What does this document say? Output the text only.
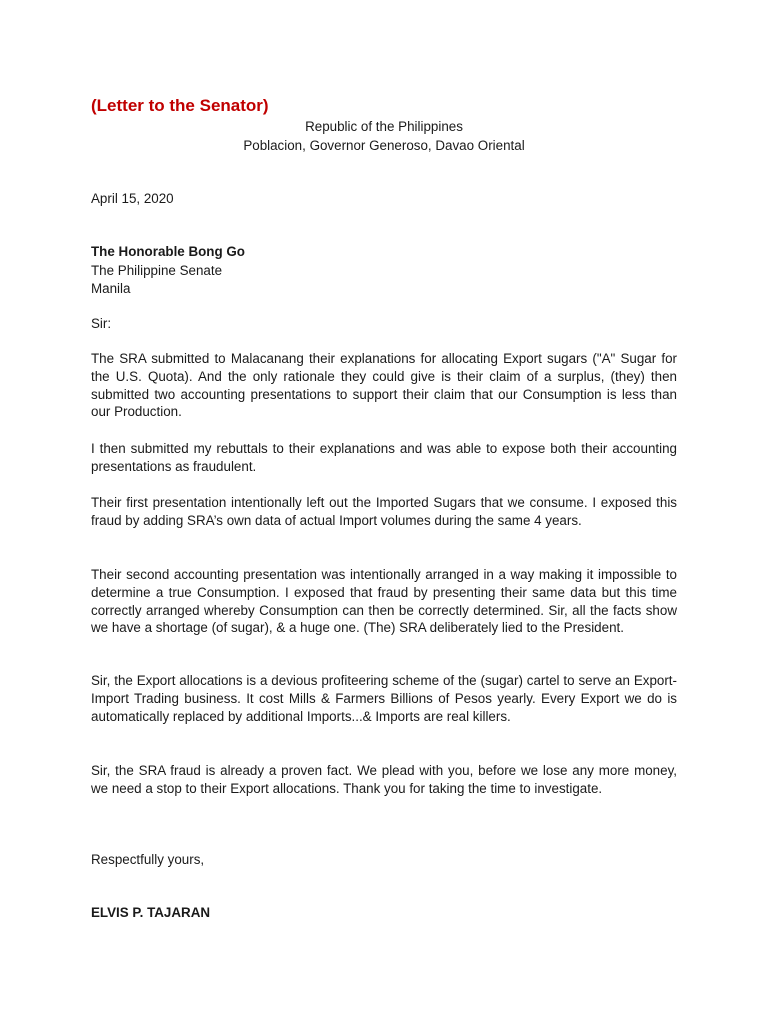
(Letter to the Senator)

Republic of the Philippines

Poblacion, Governor Generoso, Davao Oriental

April 15, 2020

The Honorable Bong Go

The Philippine Senate

Manila

Sir:

The SRA submitted to Malacanang their explanations for allocating Export sugars ("A" Sugar for the U.S. Quota). And the only rationale they could give is their claim of a surplus, (they) then submitted two accounting presentations to support their claim that our Consumption is less than our Production.

I then submitted my rebuttals to their explanations and was able to expose both their accounting presentations as fraudulent.

Their first presentation intentionally left out the Imported Sugars that we consume. I exposed this fraud by adding SRA’s own data of actual Import volumes during the same 4 years.

Their second accounting presentation was intentionally arranged in a way making it impossible to determine a true Consumption. I exposed that fraud by presenting their same data but this time correctly arranged whereby Consumption can then be correctly determined. Sir, all the facts show we have a shortage (of sugar), & a huge one. (The) SRA deliberately lied to the President.

Sir, the Export allocations is a devious profiteering scheme of the (sugar) cartel to serve an Export-Import Trading business. It cost Mills & Farmers Billions of Pesos yearly. Every Export we do is automatically replaced by additional Imports...& Imports are real killers.

Sir, the SRA fraud is already a proven fact. We plead with you, before we lose any more money, we need a stop to their Export allocations. Thank you for taking the time to investigate.

Respectfully yours,

ELVIS P. TAJARAN
